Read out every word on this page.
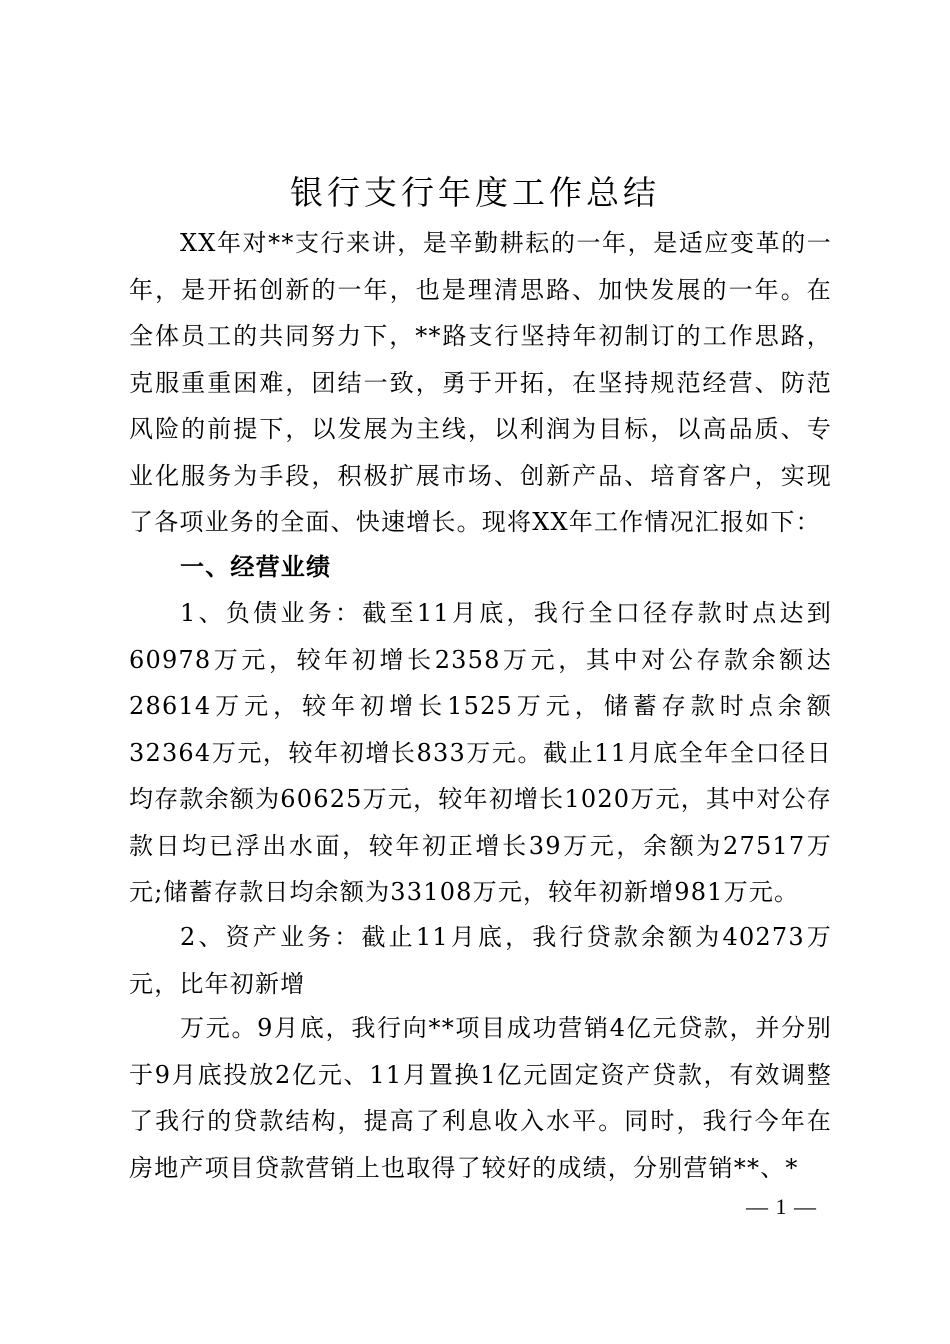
银行支行年度工作总结

XX年对**支行来讲，是辛勤耕耘的一年，是适应变革的一年，是开拓创新的一年，也是理清思路、加快发展的一年。在全体员工的共同努力下，**路支行坚持年初制订的工作思路，克服重重困难，团结一致，勇于开拓，在坚持规范经营、防范风险的前提下，以发展为主线，以利润为目标，以高品质、专业化服务为手段，积极扩展市场、创新产品、培育客户，实现了各项业务的全面、快速增长。现将XX年工作情况汇报如下：

一、经营业绩

1、负债业务：截至11月底，我行全口径存款时点达到60978万元，较年初增长2358万元，其中对公存款余额达28614万元，较年初增长1525万元，储蓄存款时点余额32364万元，较年初增长833万元。截止11月底全年全口径日均存款余额为60625万元，较年初增长1020万元，其中对公存款日均已浮出水面，较年初正增长39万元，余额为27517万元;储蓄存款日均余额为33108万元，较年初新增981万元。

2、资产业务：截止11月底，我行贷款余额为40273万元，比年初新增

万元。9月底，我行向**项目成功营销4亿元贷款，并分别于9月底投放2亿元、11月置换1亿元固定资产贷款，有效调整了我行的贷款结构，提高了利息收入水平。同时，我行今年在房地产项目贷款营销上也取得了较好的成绩，分别营销**、*

— 1 —
